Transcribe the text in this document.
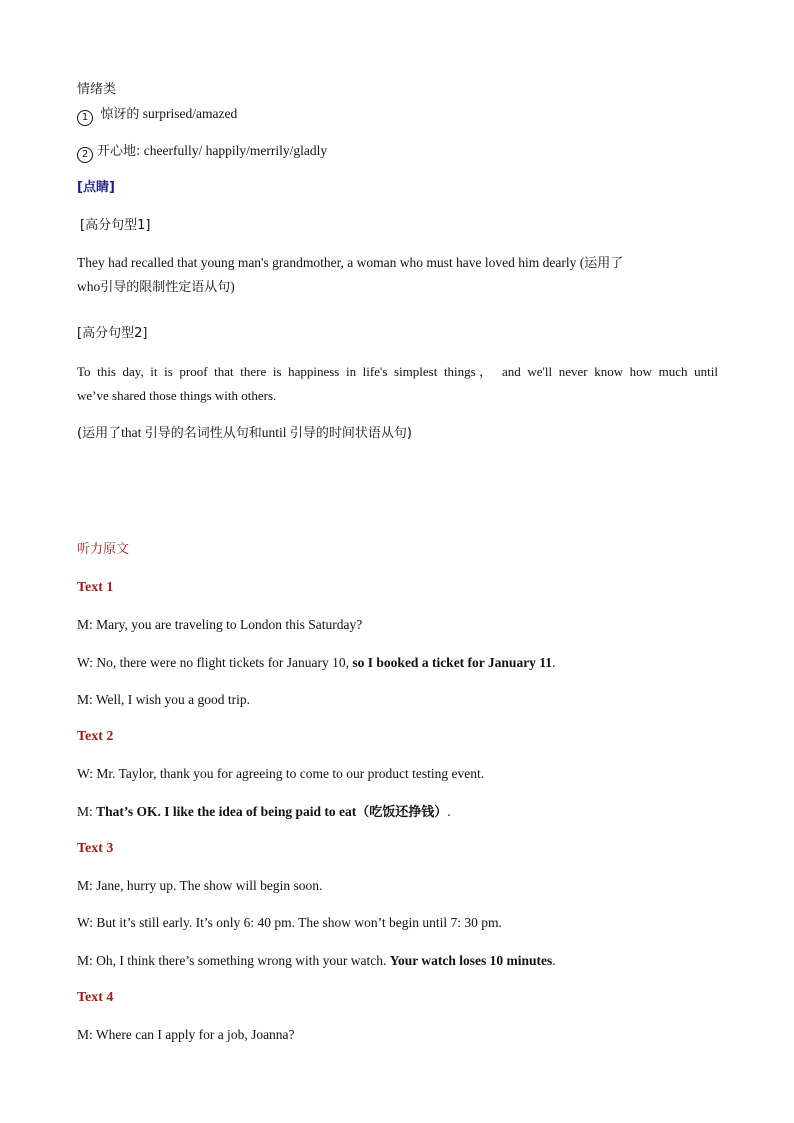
情绪类
1 惊讶的 surprised/amazed
2 开心地: cheerfully/ happily/merrily/gladly
[点睛]
[高分句型1]
They had recalled that young man's grandmother, a woman who must have loved him dearly (运用了
who引导的限制性定语从句)
[高分句型2]
To this day, it is proof that there is happiness in life's simplest things， and we'll never know how much until
we’ve shared those things with others.
(运用了that 引导的名词性从句和until 引导的时间状语从句)
听力原文
Text 1
M: Mary, you are traveling to London this Saturday?
W: No, there were no flight tickets for January 10, so I booked a ticket for January 11.
M: Well, I wish you a good trip.
Text 2
W: Mr. Taylor, thank you for agreeing to come to our product testing event.
M: That’s OK. I like the idea of being paid to eat（吃饭还挣钱）.
Text 3
M: Jane, hurry up. The show will begin soon.
W: But it’s still early. It’s only 6: 40 pm. The show won’t begin until 7: 30 pm.
M: Oh, I think there’s something wrong with your watch. Your watch loses 10 minutes.
Text 4
M: Where can I apply for a job, Joanna?
